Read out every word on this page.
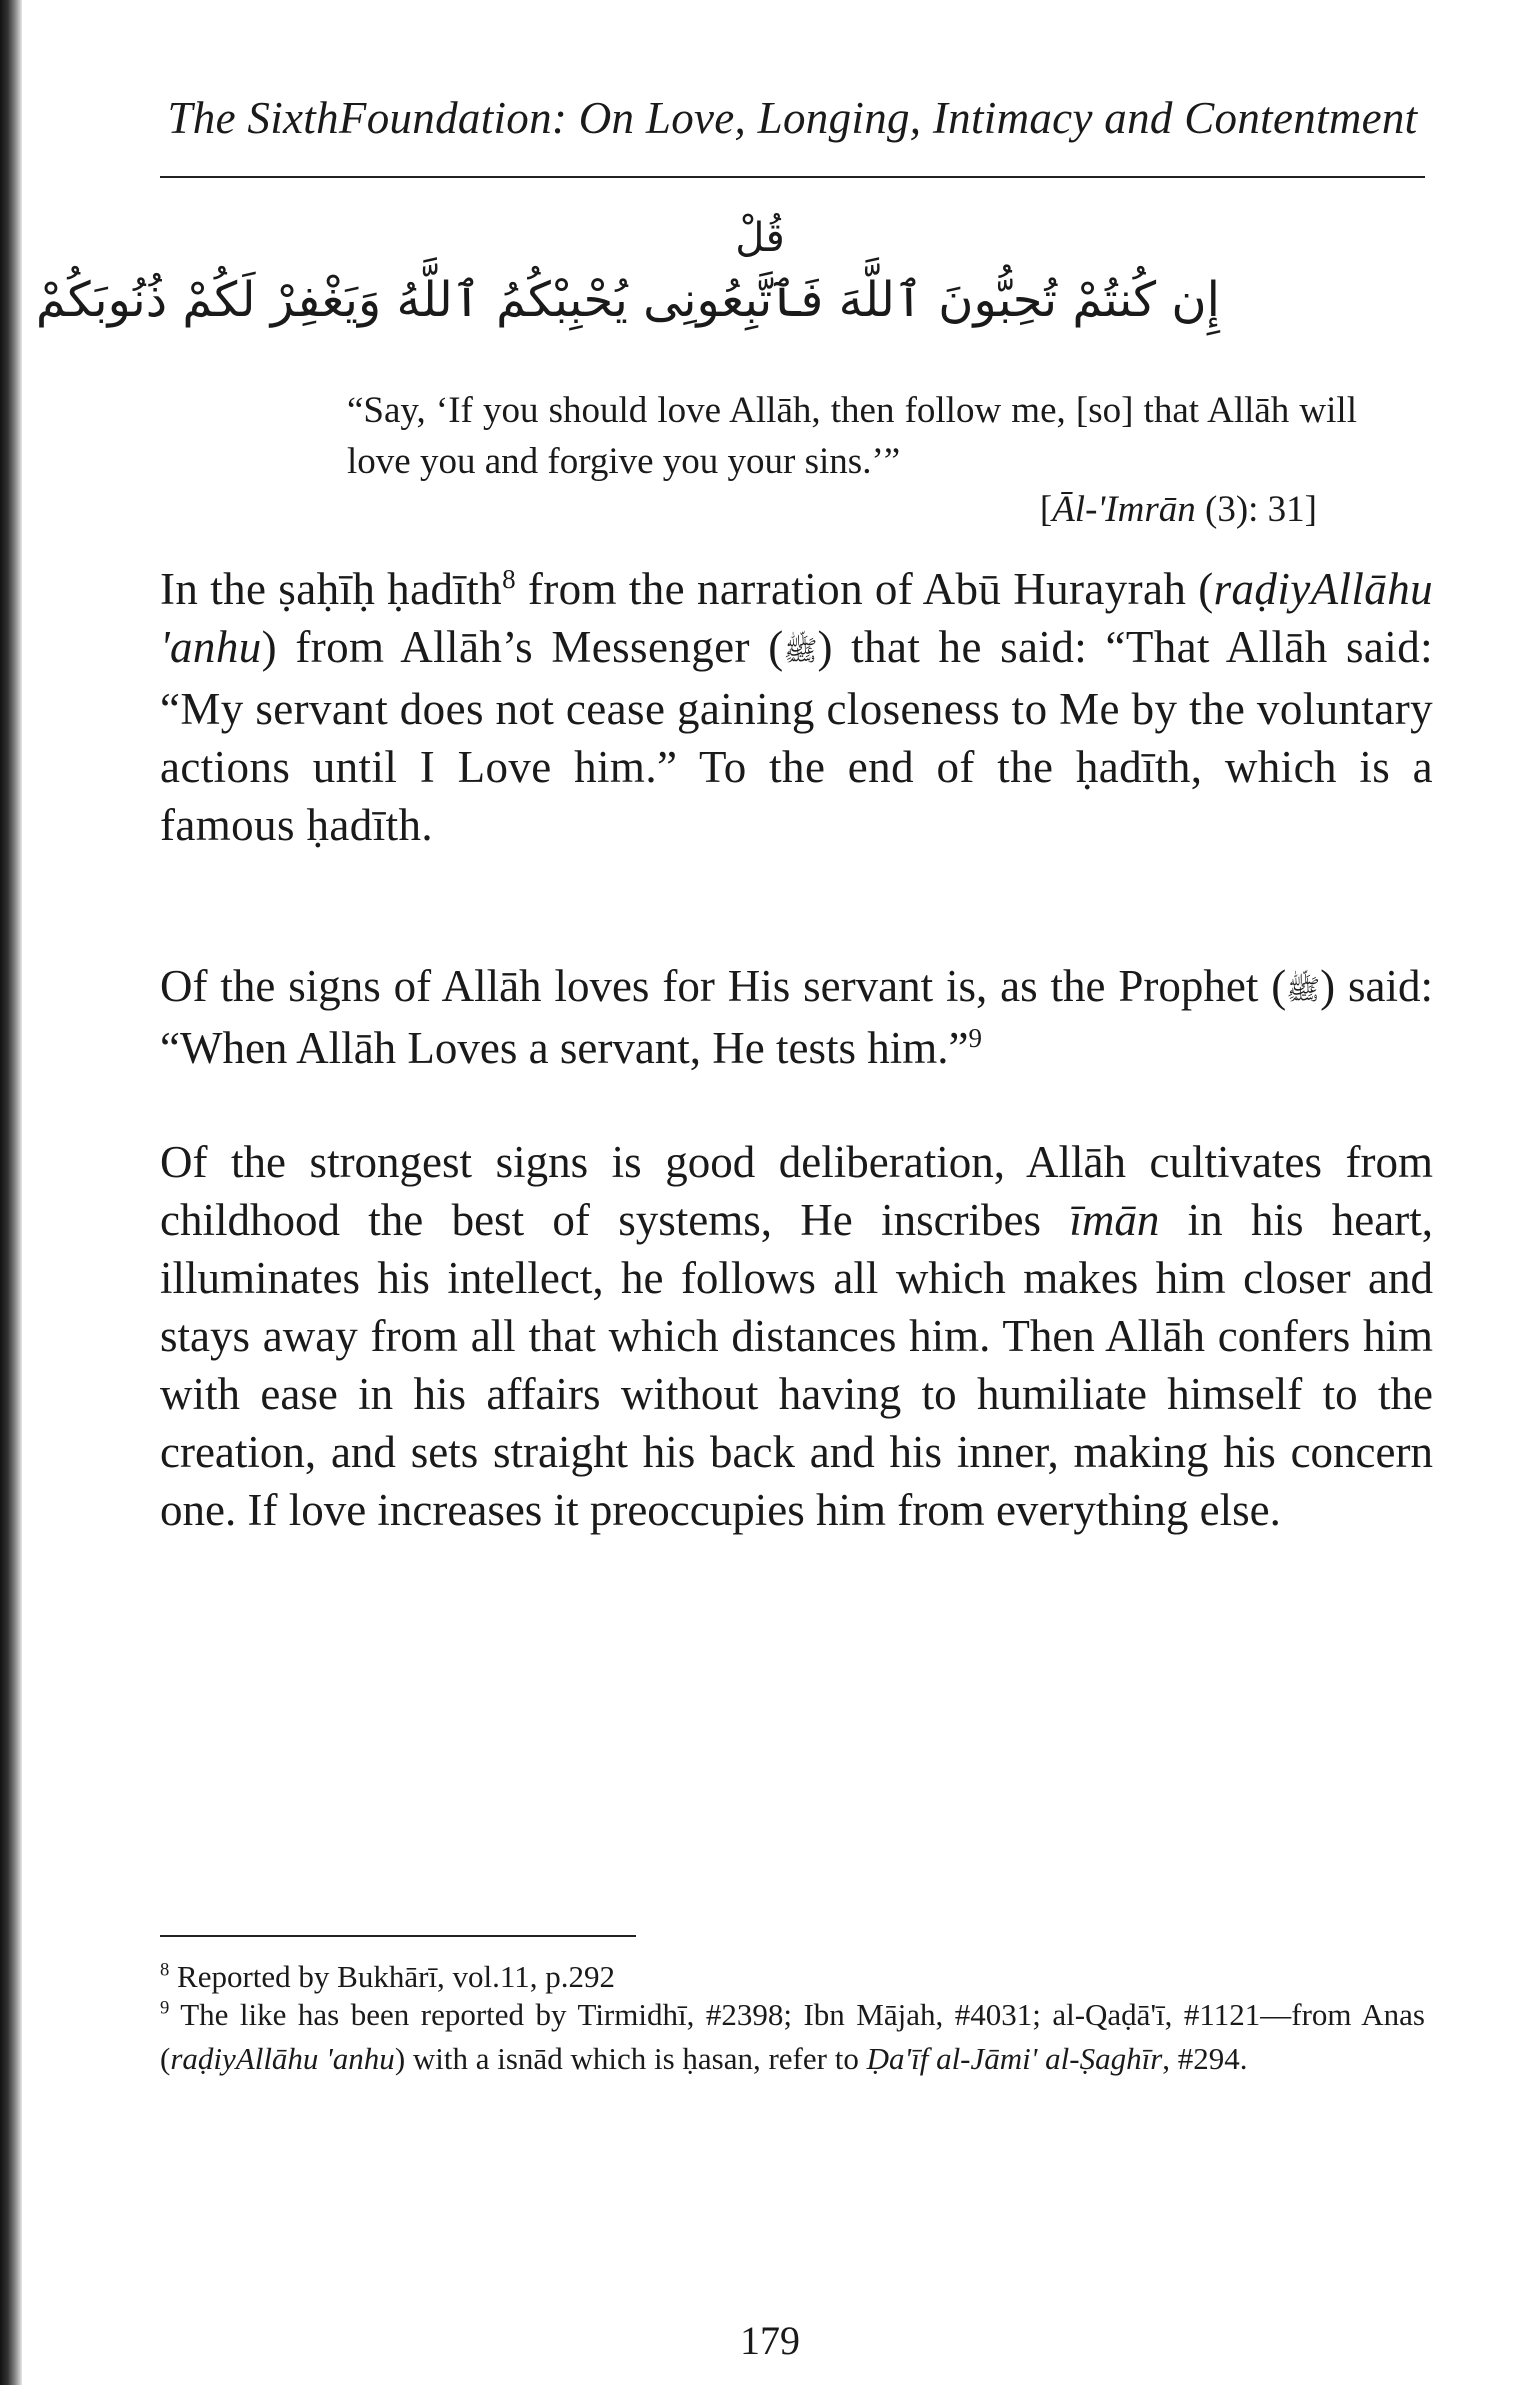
The SixthFoundation: On Love, Longing, Intimacy and Contentment
قُلْ
إِن كُنتُمْ تُحِبُّونَ ٱللَّهَ فَٱتَّبِعُونِى يُحْبِبْكُمُ ٱللَّهُ وَيَغْفِرْ لَكُمْ ذُنُوبَكُمْ

“Say, ‘If you should love Allāh, then follow me, [so] that Allāh will love you and forgive you your sins.’”

[Āl-'Imrān (3): 31]

In the ṣaḥīḥ ḥadīth$^8$ from the narration of Abū Hurayrah (raḍiyAllāhu 'anhu) from Allāh’s Messenger (ﷺ) that he said: “That Allāh said: “My servant does not cease gaining closeness to Me by the voluntary actions until I Love him.” To the end of the ḥadīth, which is a famous ḥadīth.

Of the signs of Allāh loves for His servant is, as the Prophet (ﷺ) said: “When Allāh Loves a servant, He tests him.”$^9$

Of the strongest signs is good deliberation, Allāh cultivates from childhood the best of systems, He inscribes īmān in his heart, illuminates his intellect, he follows all which makes him closer and stays away from all that which distances him. Then Allāh confers him with ease in his affairs without having to humiliate himself to the creation, and sets straight his back and his inner, making his concern one. If love increases it preoccupies him from everything else.

$^8$ Reported by Bukhārī, vol.11, p.292

$^9$ The like has been reported by Tirmidhī, #2398; Ibn Mājah, #4031; al-Qaḍā'ī, #1121—from Anas (raḍiyAllāhu 'anhu) with a isnād which is ḥasan, refer to Ḍa'īf al-Jāmi' al-Ṣaghīr, #294.

179
